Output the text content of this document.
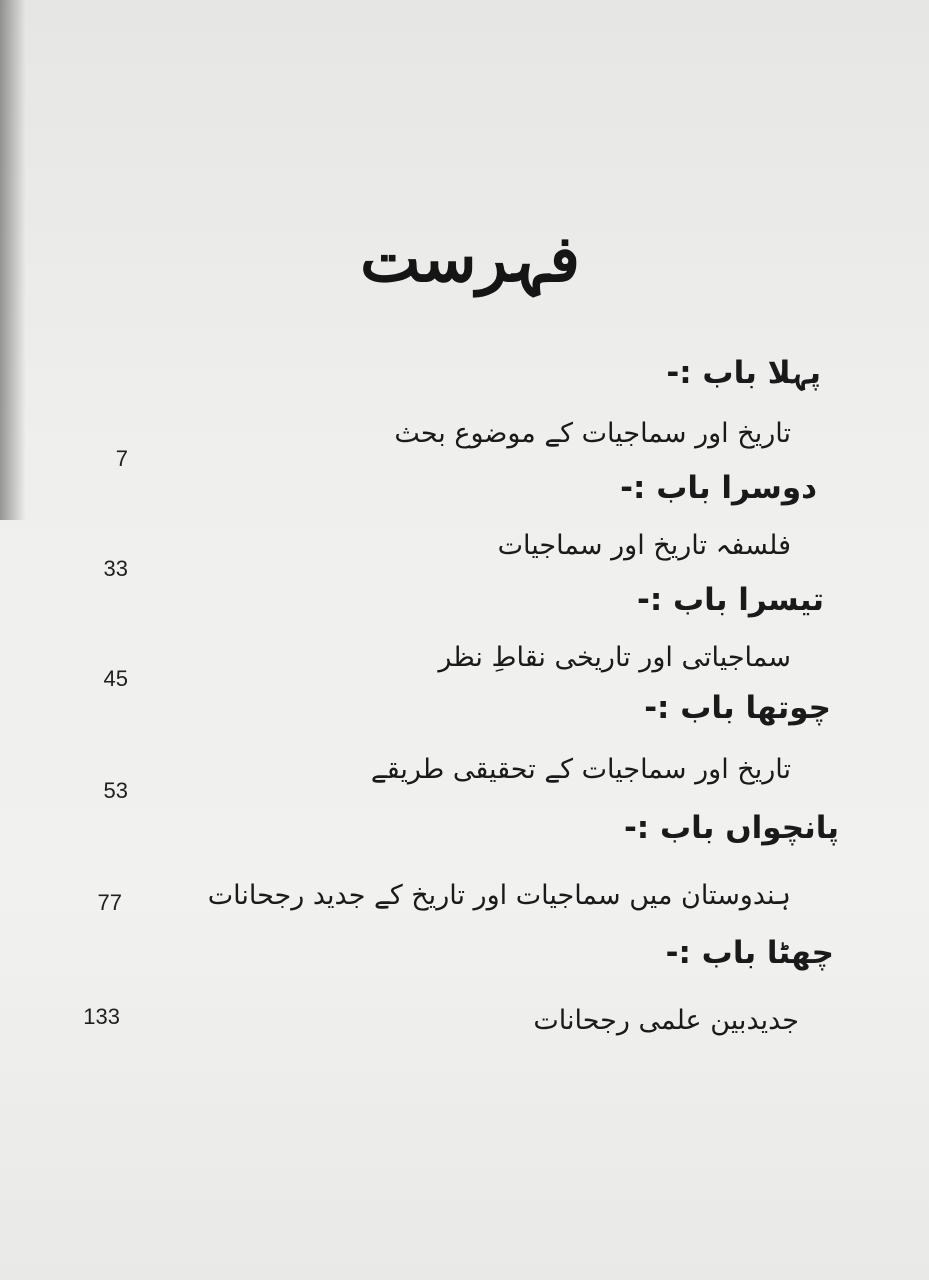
فہرست
پہلا باب :-
تاریخ اور سماجیات کے موضوع بحث
7
دوسرا باب :-
فلسفہ تاریخ اور سماجیات
33
تیسرا باب :-
سماجیاتی اور تاریخی نقاطِ نظر
45
چوتھا باب :-
تاریخ اور سماجیات کے تحقیقی طریقے
53
پانچواں باب :-
ہندوستان میں سماجیات اور تاریخ کے جدید رجحانات
77
چھٹا باب :-
جدیدبین علمی رجحانات
133
